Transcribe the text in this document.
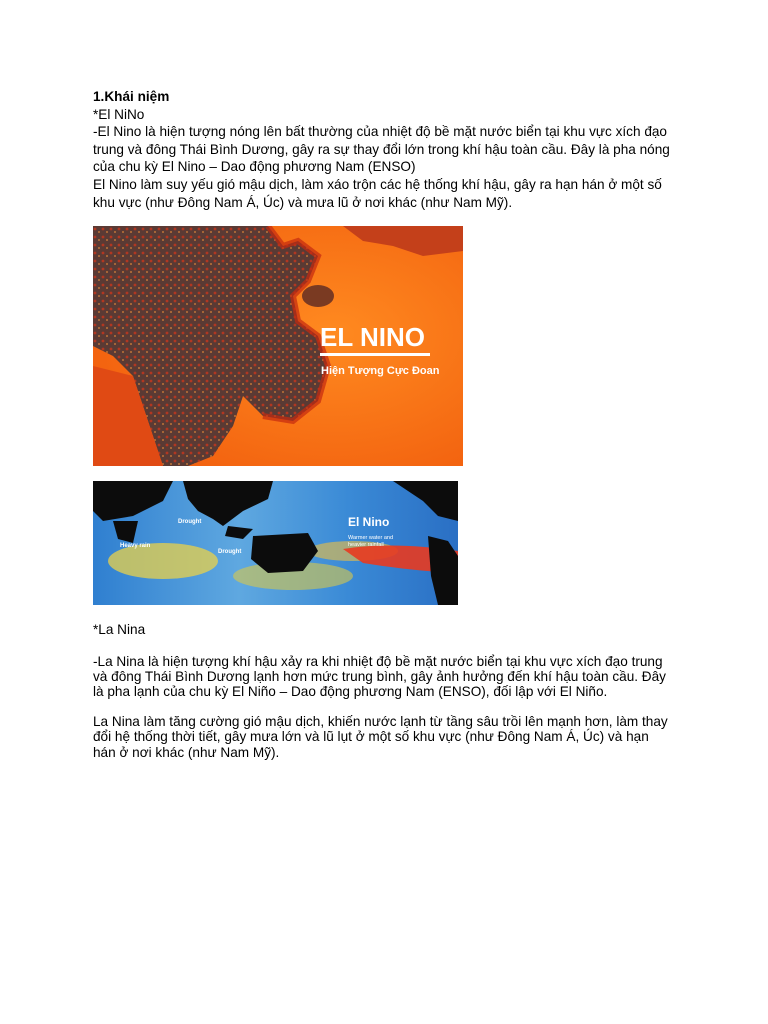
1.Khái niệm

*El NiNo

-El Nino là hiện tượng nóng lên bất thường của nhiệt độ bề mặt nước biển tại khu vực xích đạo trung và đông Thái Bình Dương, gây ra sự thay đổi lớn trong khí hậu toàn cầu. Đây là pha nóng của chu kỳ El Nino – Dao động phương Nam (ENSO)

El Nino làm suy yếu gió mậu dịch, làm xáo trộn các hệ thống khí hậu, gây ra hạn hán ở một số khu vực (như Đông Nam Á, Úc) và mưa lũ ở nơi khác (như Nam Mỹ).

EL NINO
Hiện Tượng Cực Đoan
Drought
Drought
Heavy rain
El Nino
Warmer water and
heavier rainfall

*La Nina

-La Nina là hiện tượng khí hậu xảy ra khi nhiệt độ bề mặt nước biển tại khu vực xích đạo trung và đông Thái Bình Dương lạnh hơn mức trung bình, gây ảnh hưởng đến khí hậu toàn cầu. Đây là pha lạnh của chu kỳ El Niño – Dao động phương Nam (ENSO), đối lập với El Niño.

La Nina làm tăng cường gió mậu dịch, khiến nước lạnh từ tầng sâu trồi lên mạnh hơn, làm thay đổi hệ thống thời tiết, gây mưa lớn và lũ lụt ở một số khu vực (như Đông Nam Á, Úc) và hạn hán ở nơi khác (như Nam Mỹ).
